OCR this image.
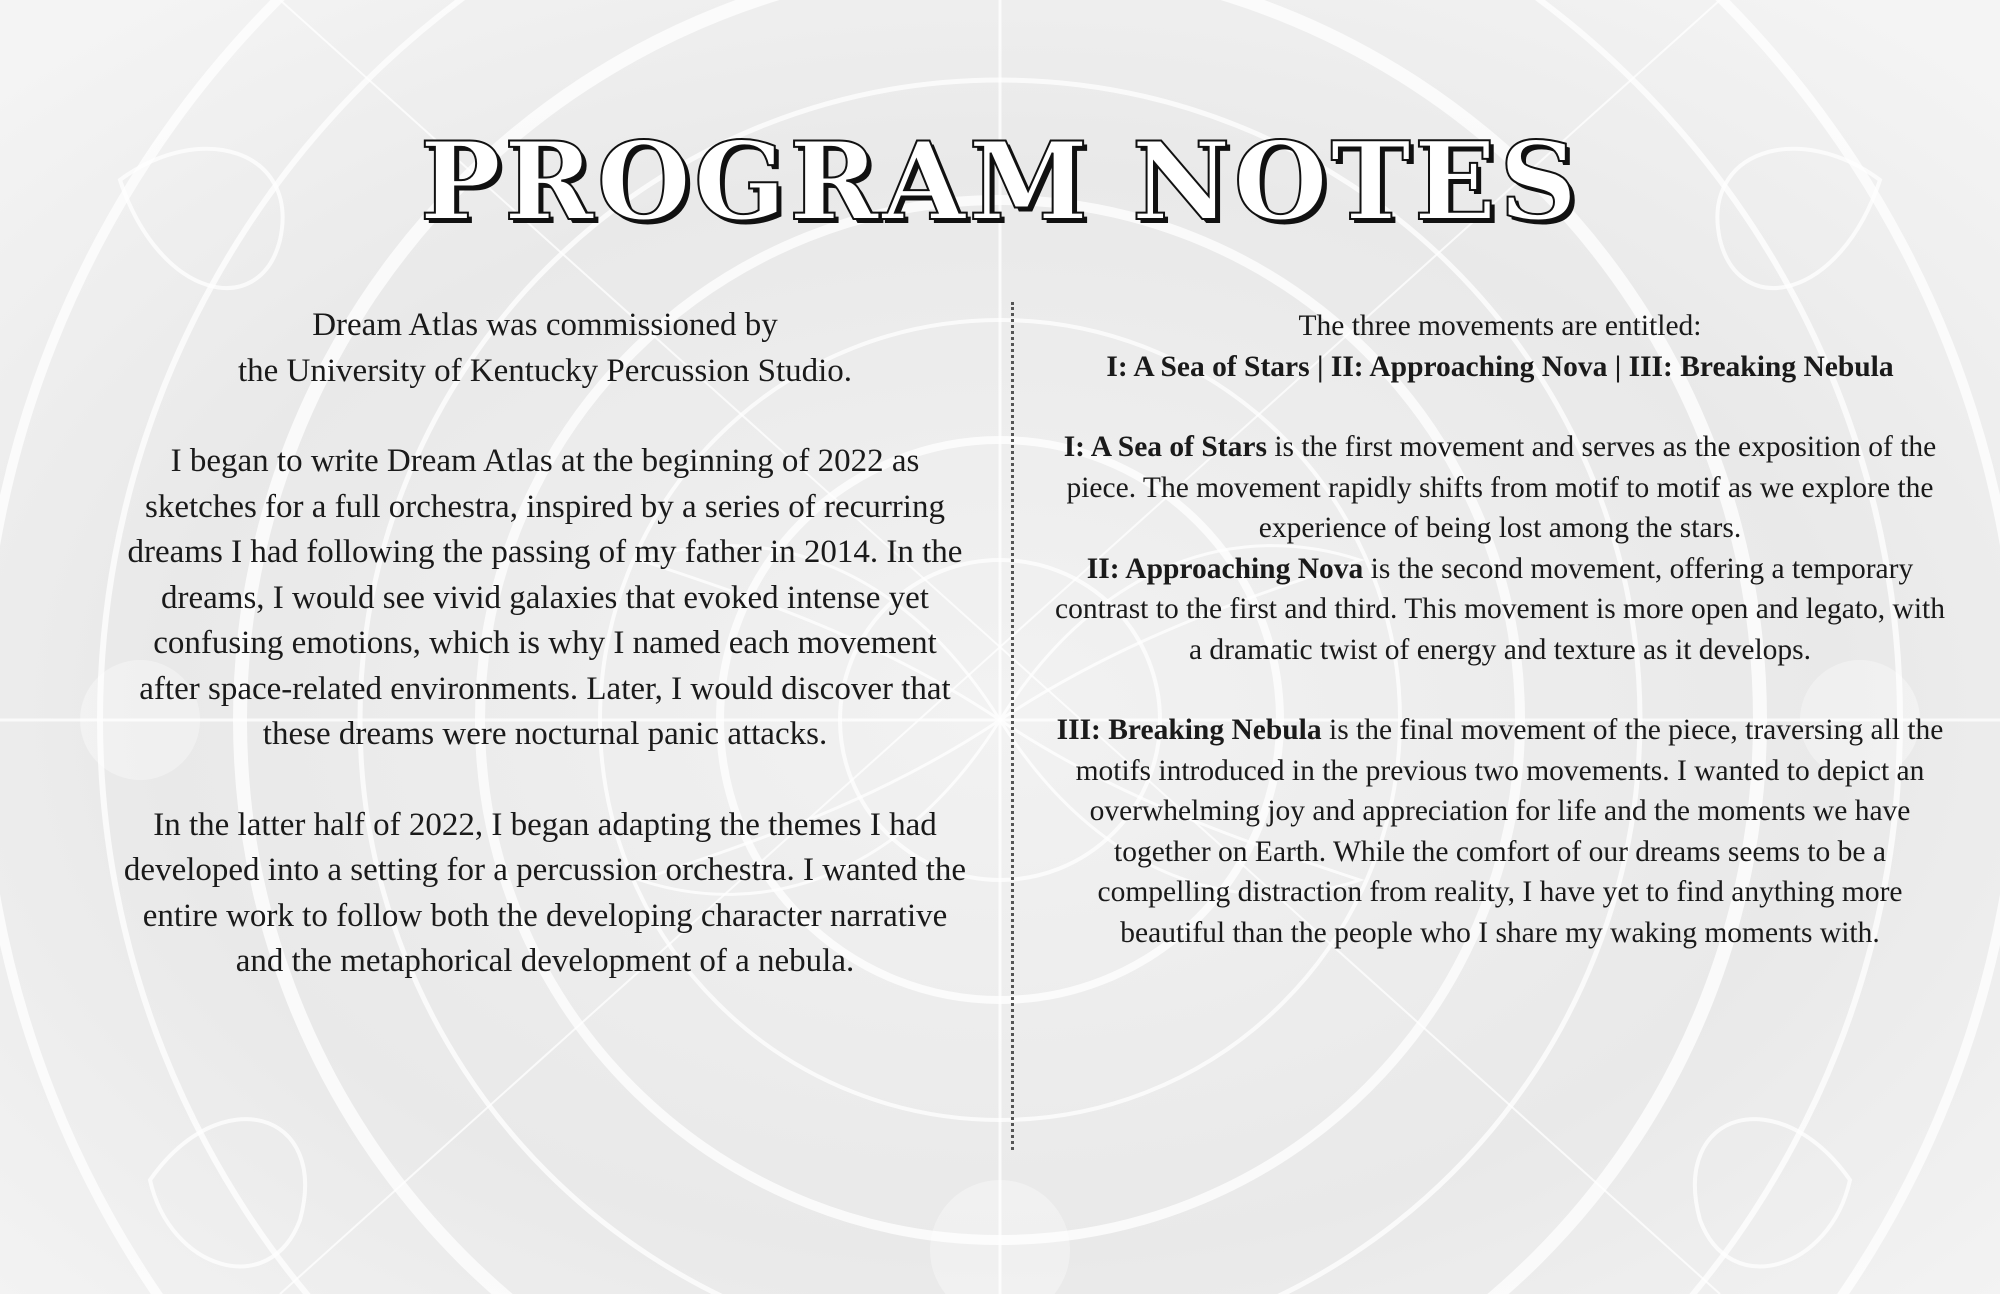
PROGRAM NOTES

Dream Atlas was commissioned by

the University of Kentucky Percussion Studio.

I began to write Dream Atlas at the beginning of 2022 as sketches for a full orchestra, inspired by a series of recurring dreams I had following the passing of my father in 2014. In the dreams, I would see vivid galaxies that evoked intense yet confusing emotions, which is why I named each movement after space-related environments. Later, I would discover that these dreams were nocturnal panic attacks.

In the latter half of 2022, I began adapting the themes I had developed into a setting for a percussion orchestra. I wanted the entire work to follow both the developing character narrative and the metaphorical development of a nebula.

The three movements are entitled:

I: A Sea of Stars | II: Approaching Nova | III: Breaking Nebula

I: A Sea of Stars is the first movement and serves as the exposition of the piece. The movement rapidly shifts from motif to motif as we explore the experience of being lost among the stars.

II: Approaching Nova is the second movement, offering a temporary contrast to the first and third. This movement is more open and legato, with a dramatic twist of energy and texture as it develops.

III: Breaking Nebula is the final movement of the piece, traversing all the motifs introduced in the previous two movements. I wanted to depict an overwhelming joy and appreciation for life and the moments we have together on Earth. While the comfort of our dreams seems to be a compelling distraction from reality, I have yet to find anything more beautiful than the people who I share my waking moments with.
